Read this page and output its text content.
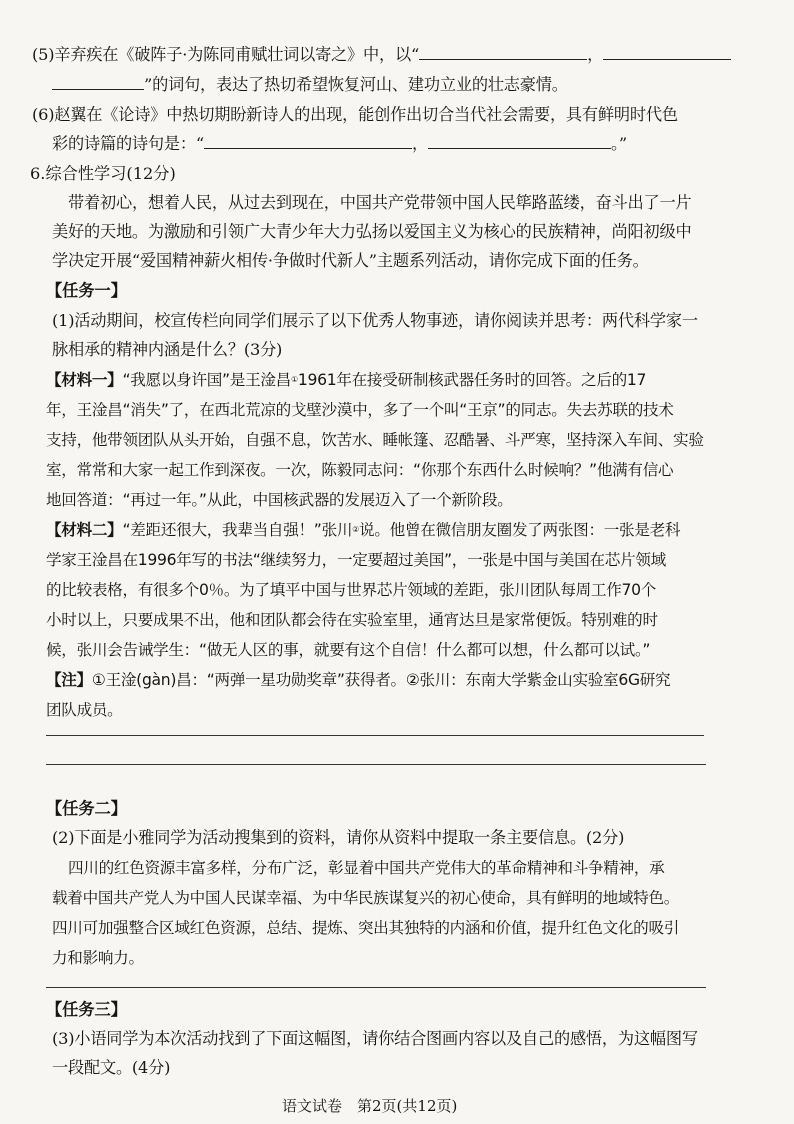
(5)辛弃疾在《破阵子·为陈同甫赋壮词以寄之》中，以“	，
”的词句，表达了热切希望恢复河山、建功立业的壮志豪情。
(6)赵翼在《论诗》中热切期盼新诗人的出现，能创作出切合当代社会需要，具有鲜明时代色
彩的诗篇的诗句是：“	，	。”
6.综合性学习(12分)
带着初心，想着人民，从过去到现在，中国共产党带领中国人民筚路蓝缕，奋斗出了一片
美好的天地。为激励和引领广大青少年大力弘扬以爱国主义为核心的民族精神，尚阳初级中
学决定开展“爱国精神薪火相传·争做时代新人”主题系列活动，请你完成下面的任务。
【任务一】
(1)活动期间，校宣传栏向同学们展示了以下优秀人物事迹，请你阅读并思考：两代科学家一
脉相承的精神内涵是什么？(3分)
【材料一】“我愿以身许国”是王淦昌①1961年在接受研制核武器任务时的回答。之后的17
年，王淦昌“消失”了，在西北荒凉的戈壁沙漠中，多了一个叫“王京”的同志。失去苏联的技术
支持，他带领团队从头开始，自强不息，饮苦水、睡帐篷、忍酷暑、斗严寒，坚持深入车间、实验
室，常常和大家一起工作到深夜。一次，陈毅同志问：“你那个东西什么时候响？”他满有信心
地回答道：“再过一年。”从此，中国核武器的发展迈入了一个新阶段。
【材料二】“差距还很大，我辈当自强！”张川②说。他曾在微信朋友圈发了两张图：一张是老科
学家王淦昌在1996年写的书法“继续努力，一定要超过美国”，一张是中国与美国在芯片领域
的比较表格，有很多个0％。为了填平中国与世界芯片领域的差距，张川团队每周工作70个
小时以上，只要成果不出，他和团队都会待在实验室里，通宵达旦是家常便饭。特别难的时
候，张川会告诫学生：“做无人区的事，就要有这个自信！什么都可以想，什么都可以试。”
【注】①王淦(gàn)昌：“两弹一星功勋奖章”获得者。②张川：东南大学紫金山实验室6G研究
团队成员。
【任务二】
(2)下面是小雅同学为活动搜集到的资料，请你从资料中提取一条主要信息。(2分)
四川的红色资源丰富多样，分布广泛，彰显着中国共产党伟大的革命精神和斗争精神，承
载着中国共产党人为中国人民谋幸福、为中华民族谋复兴的初心使命，具有鲜明的地域特色。
四川可加强整合区域红色资源，总结、提炼、突出其独特的内涵和价值，提升红色文化的吸引
力和影响力。
【任务三】
(3)小语同学为本次活动找到了下面这幅图，请你结合图画内容以及自己的感悟，为这幅图写
一段配文。(4分)
语文试卷　第2页(共12页)
